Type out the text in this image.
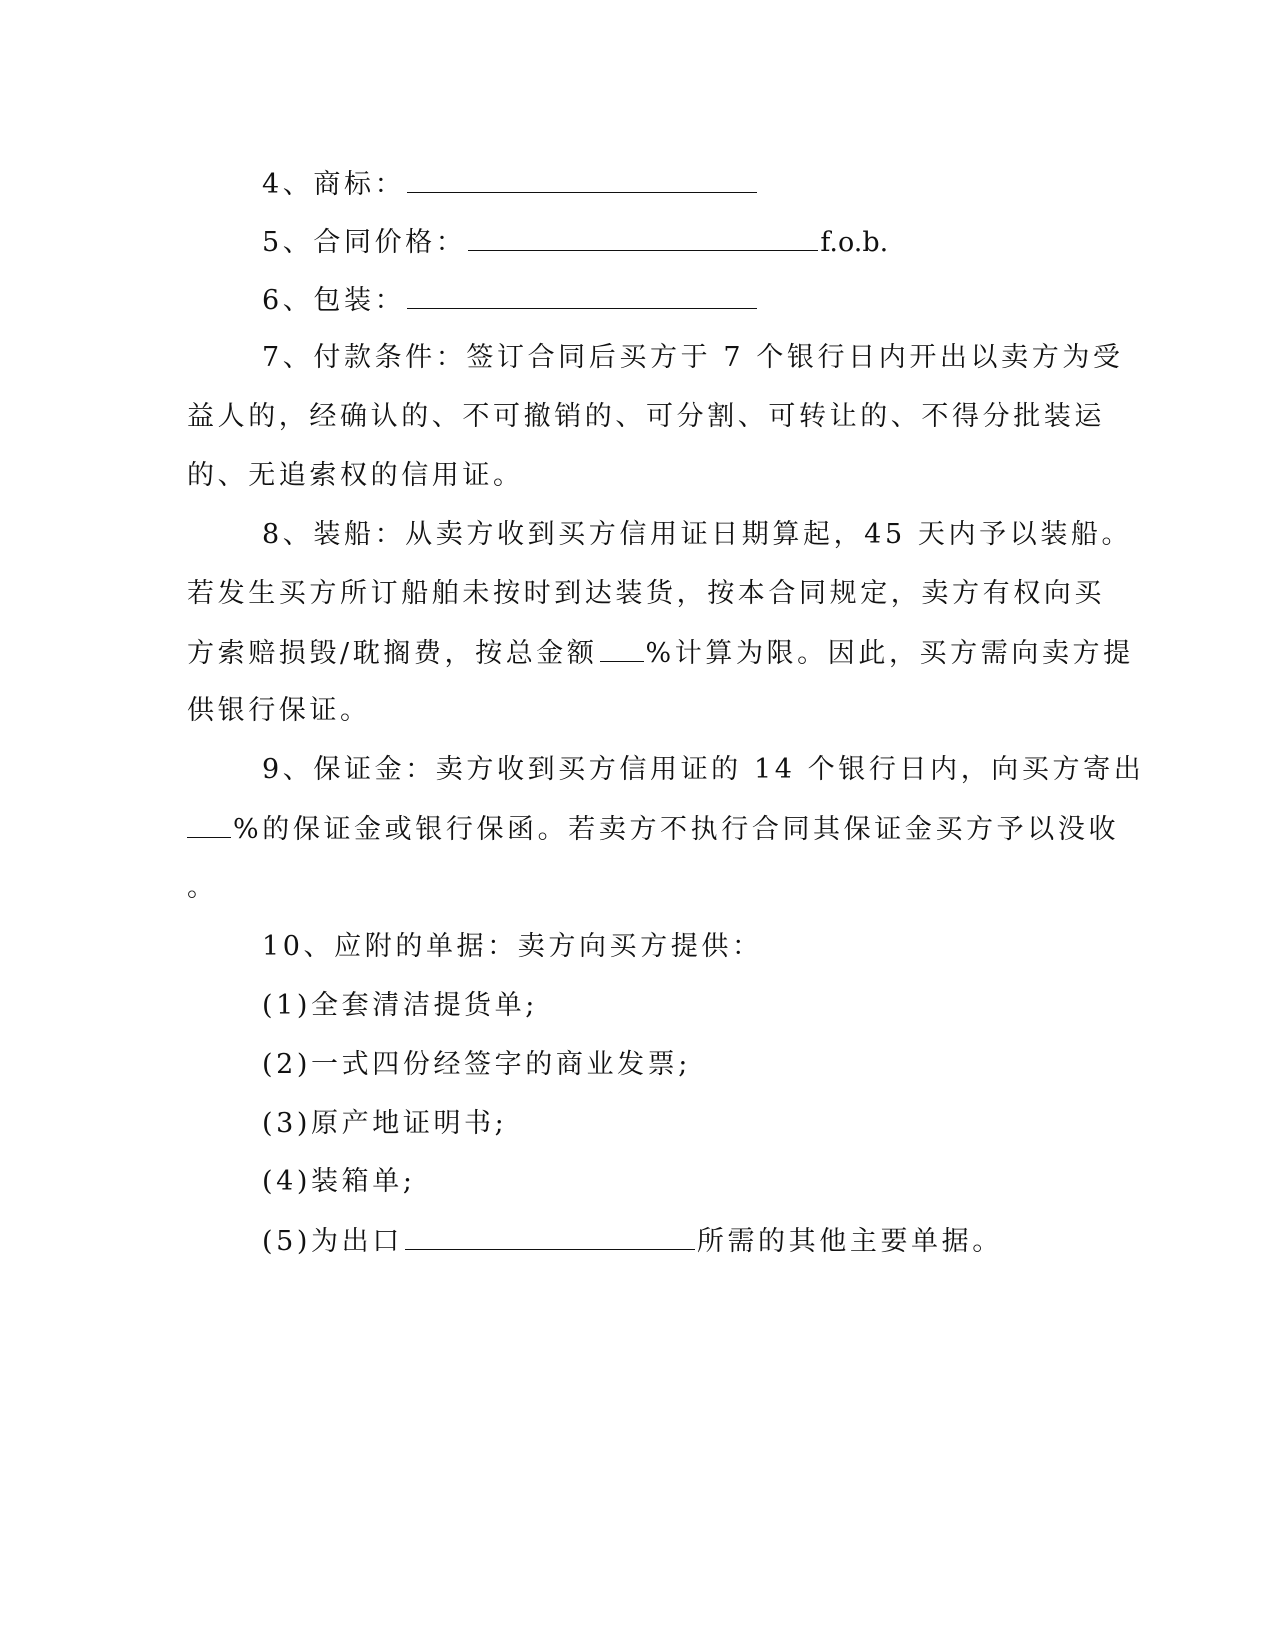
4、商标：
5、合同价格：	f.o.b.
6、包装：
7、付款条件：签订合同后买方于 7 个银行日内开出以卖方为受
益人的，经确认的、不可撤销的、可分割、可转让的、不得分批装运
的、无追索权的信用证。
8、装船：从卖方收到买方信用证日期算起，45 天内予以装船。
若发生买方所订船舶未按时到达装货，按本合同规定，卖方有权向买
方索赔损毁/耽搁费，按总金额 %计算为限。因此，买方需向卖方提
供银行保证。
9、保证金：卖方收到买方信用证的 14 个银行日内，向买方寄出
%的保证金或银行保函。若卖方不执行合同其保证金买方予以没收
。
10、应附的单据：卖方向买方提供：
(1)全套清洁提货单;
(2)一式四份经签字的商业发票;
(3)原产地证明书;
(4)装箱单;
(5)为出口	所需的其他主要单据。
